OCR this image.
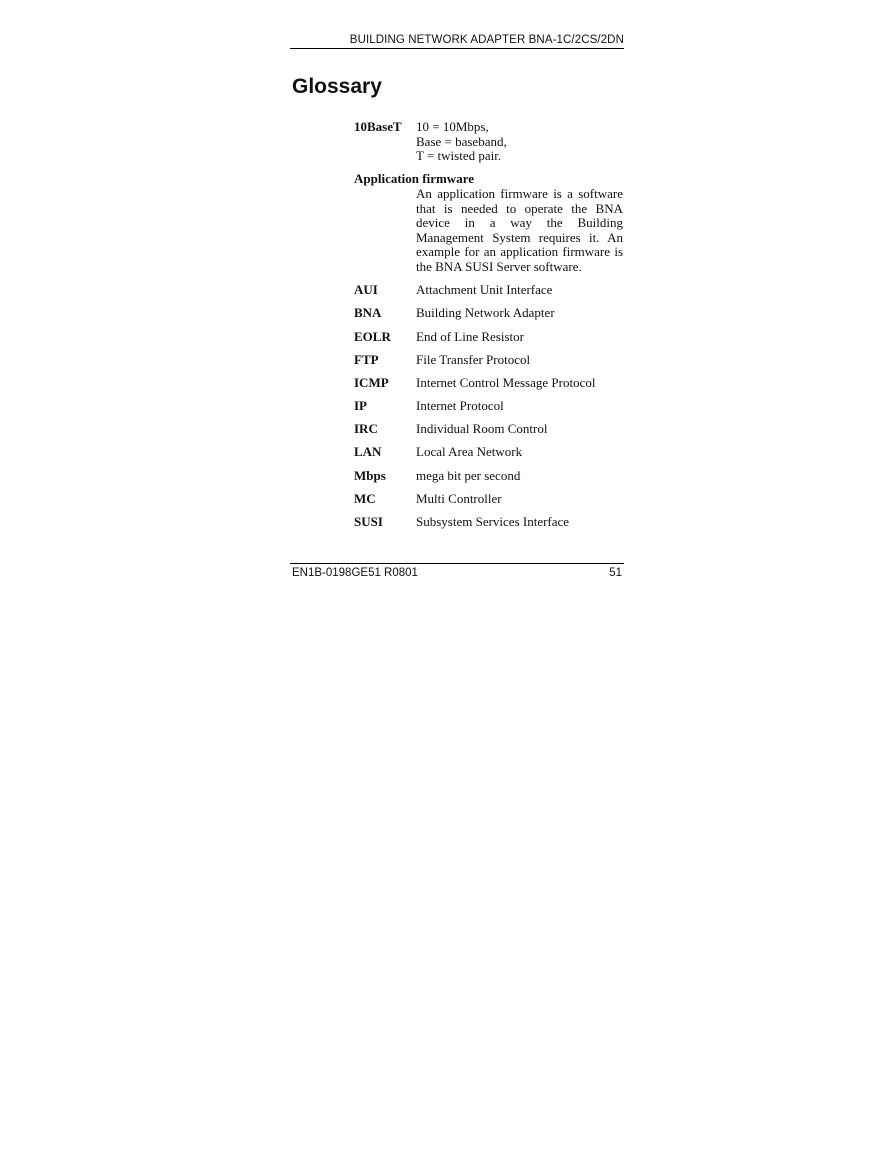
BUILDING NETWORK ADAPTER BNA-1C/2CS/2DN
Glossary
10BaseT 10 = 10Mbps,
Base = baseband,
T = twisted pair.
Application firmware
An application firmware is a software that is needed to operate the BNA device in a way the Building Management System requires it. An example for an application firmware is the BNA SUSI Server software.
AUI	Attachment Unit Interface
BNA	Building Network Adapter
EOLR End of Line Resistor
FTP	File Transfer Protocol
ICMP Internet Control Message Protocol
IP	Internet Protocol
IRC	Individual Room Control
LAN	Local Area Network
Mbps mega bit per second
MC	Multi Controller
SUSI	Subsystem Services Interface
EN1B-0198GE51 R0801	51
